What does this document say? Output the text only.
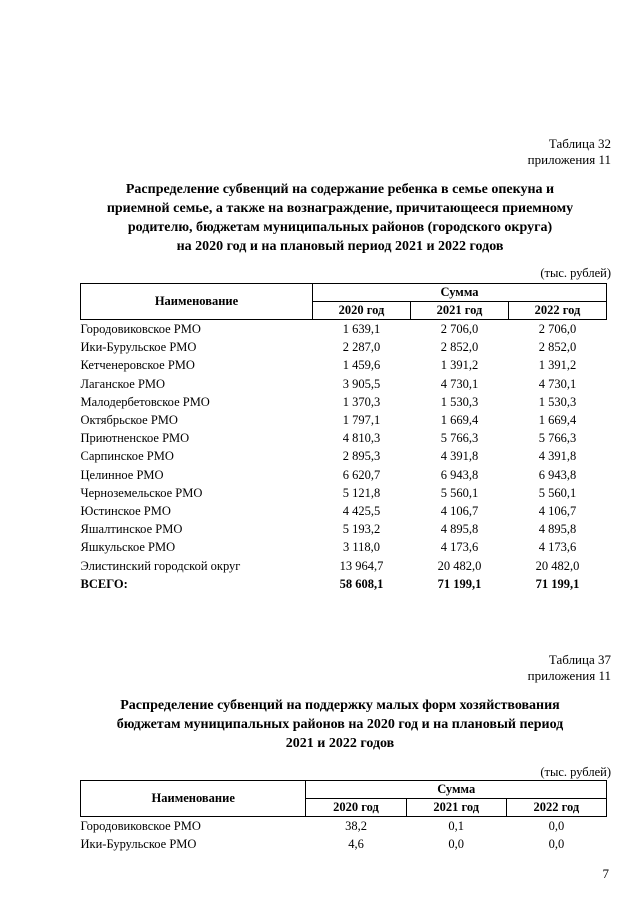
Таблица 32
приложения 11
Распределение субвенций на содержание ребенка в семье опекуна и
приемной семье, а также на вознаграждение, причитающееся приемному
родителю, бюджетам муниципальных районов (городского округа)
на 2020 год и на плановый период 2021 и 2022 годов
(тыс. рублей)
Наименование	Сумма		
	2020 год	2021 год	2022 год
Городовиковское РМО	1 639,1	2 706,0	2 706,0
Ики-Бурульское РМО	2 287,0	2 852,0	2 852,0
Кетченеровское РМО	1 459,6	1 391,2	1 391,2
Лаганское РМО	3 905,5	4 730,1	4 730,1
Малодербетовское РМО	1 370,3	1 530,3	1 530,3
Октябрьское РМО	1 797,1	1 669,4	1 669,4
Приютненское РМО	4 810,3	5 766,3	5 766,3
Сарпинское РМО	2 895,3	4 391,8	4 391,8
Целинное РМО	6 620,7	6 943,8	6 943,8
Черноземельское РМО	5 121,8	5 560,1	5 560,1
Юстинское РМО	4 425,5	4 106,7	4 106,7
Яшалтинское РМО	5 193,2	4 895,8	4 895,8
Яшкульское РМО	3 118,0	4 173,6	4 173,6
Элистинский городской округ	13 964,7	20 482,0	20 482,0
ВСЕГО:	58 608,1	71 199,1	71 199,1
Таблица 37
приложения 11
Распределение субвенций на поддержку малых форм хозяйствования
бюджетам муниципальных районов на 2020 год и на плановый период
2021 и 2022 годов
(тыс. рублей)
Наименование	Сумма		
	2020 год	2021 год	2022 год
Городовиковское РМО	38,2	0,1	0,0
Ики-Бурульское РМО	4,6	0,0	0,0
7
